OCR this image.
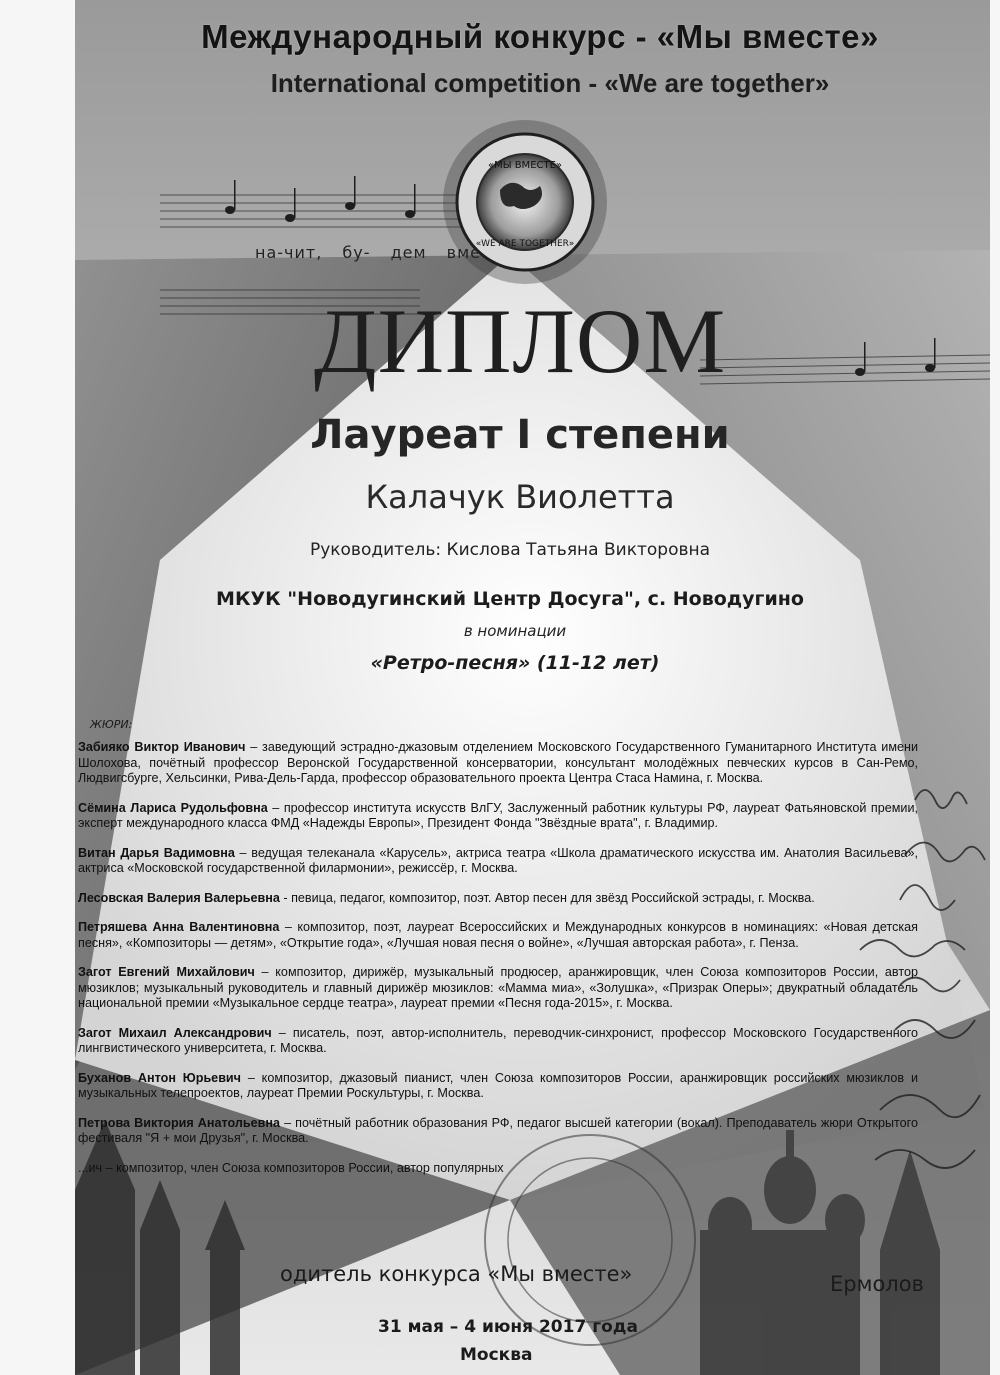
«МЫ ВМЕСТЕ»
«WE ARE TOGETHER»
Международный конкурс - «Мы вместе»
International competition - «We are together»
на-чит, бу- дем вме
ДИПЛОМ
Лауреат I степени
Калачук Виолетта
Руководитель: Кислова Татьяна Викторовна
МКУК "Новодугинский Центр Досуга", с. Новодугино
в номинации
«Ретро-песня» (11-12 лет)
ЖЮРИ:

Забияко Виктор Иванович – заведующий эстрадно-джазовым отделением Московского Государственного Гуманитарного Института имени Шолохова, почётный профессор Веронской Государственной консерватории, консультант молодёжных певческих курсов в Сан-Ремо, Людвигсбурге, Хельсинки, Рива-Дель-Гарда, профессор образовательного проекта Центра Стаса Намина, г. Москва.

Сёмина Лариса Рудольфовна – профессор института искусств ВлГУ, Заслуженный работник культуры РФ, лауреат Фатьяновской премии, эксперт международного класса ФМД «Надежды Европы», Президент Фонда "Звёздные врата", г. Владимир.

Витан Дарья Вадимовна – ведущая телеканала «Карусель», актриса театра «Школа драматического искусства им. Анатолия Васильева», актриса «Московской государственной филармонии», режиссёр, г. Москва.

Лесовская Валерия Валерьевна - певица, педагог, композитор, поэт. Автор песен для звёзд Российской эстрады, г. Москва.

Петряшева Анна Валентиновна – композитор, поэт, лауреат Всероссийских и Международных конкурсов в номинациях: «Новая детская песня», «Композиторы — детям», «Открытие года», «Лучшая новая песня о войне», «Лучшая авторская работа», г. Пенза.

Загот Евгений Михайлович – композитор, дирижёр, музыкальный продюсер, аранжировщик, член Союза композиторов России, автор мюзиклов; музыкальный руководитель и главный дирижёр мюзиклов: «Мамма миа», «Золушка», «Призрак Оперы»; двукратный обладатель национальной премии «Музыкальное сердце театра», лауреат премии «Песня года-2015», г. Москва.

Загот Михаил Александрович – писатель, поэт, автор-исполнитель, переводчик-синхронист, профессор Московского Государственного лингвистического университета, г. Москва.

Буханов Антон Юрьевич – композитор, джазовый пианист, член Союза композиторов России, аранжировщик российских мюзиклов и музыкальных телепроектов, лауреат Премии Роскультуры, г. Москва.

Петрова Виктория Анатольевна – почётный работник образования РФ, педагог высшей категории (вокал). Преподаватель жюри Открытого фестиваля "Я + мои Друзья", г. Москва.

...ич – композитор, член Союза композиторов России, автор популярных

одитель конкурса «Мы вместе»	Ермолов
31 мая – 4 июня 2017 года
Москва
